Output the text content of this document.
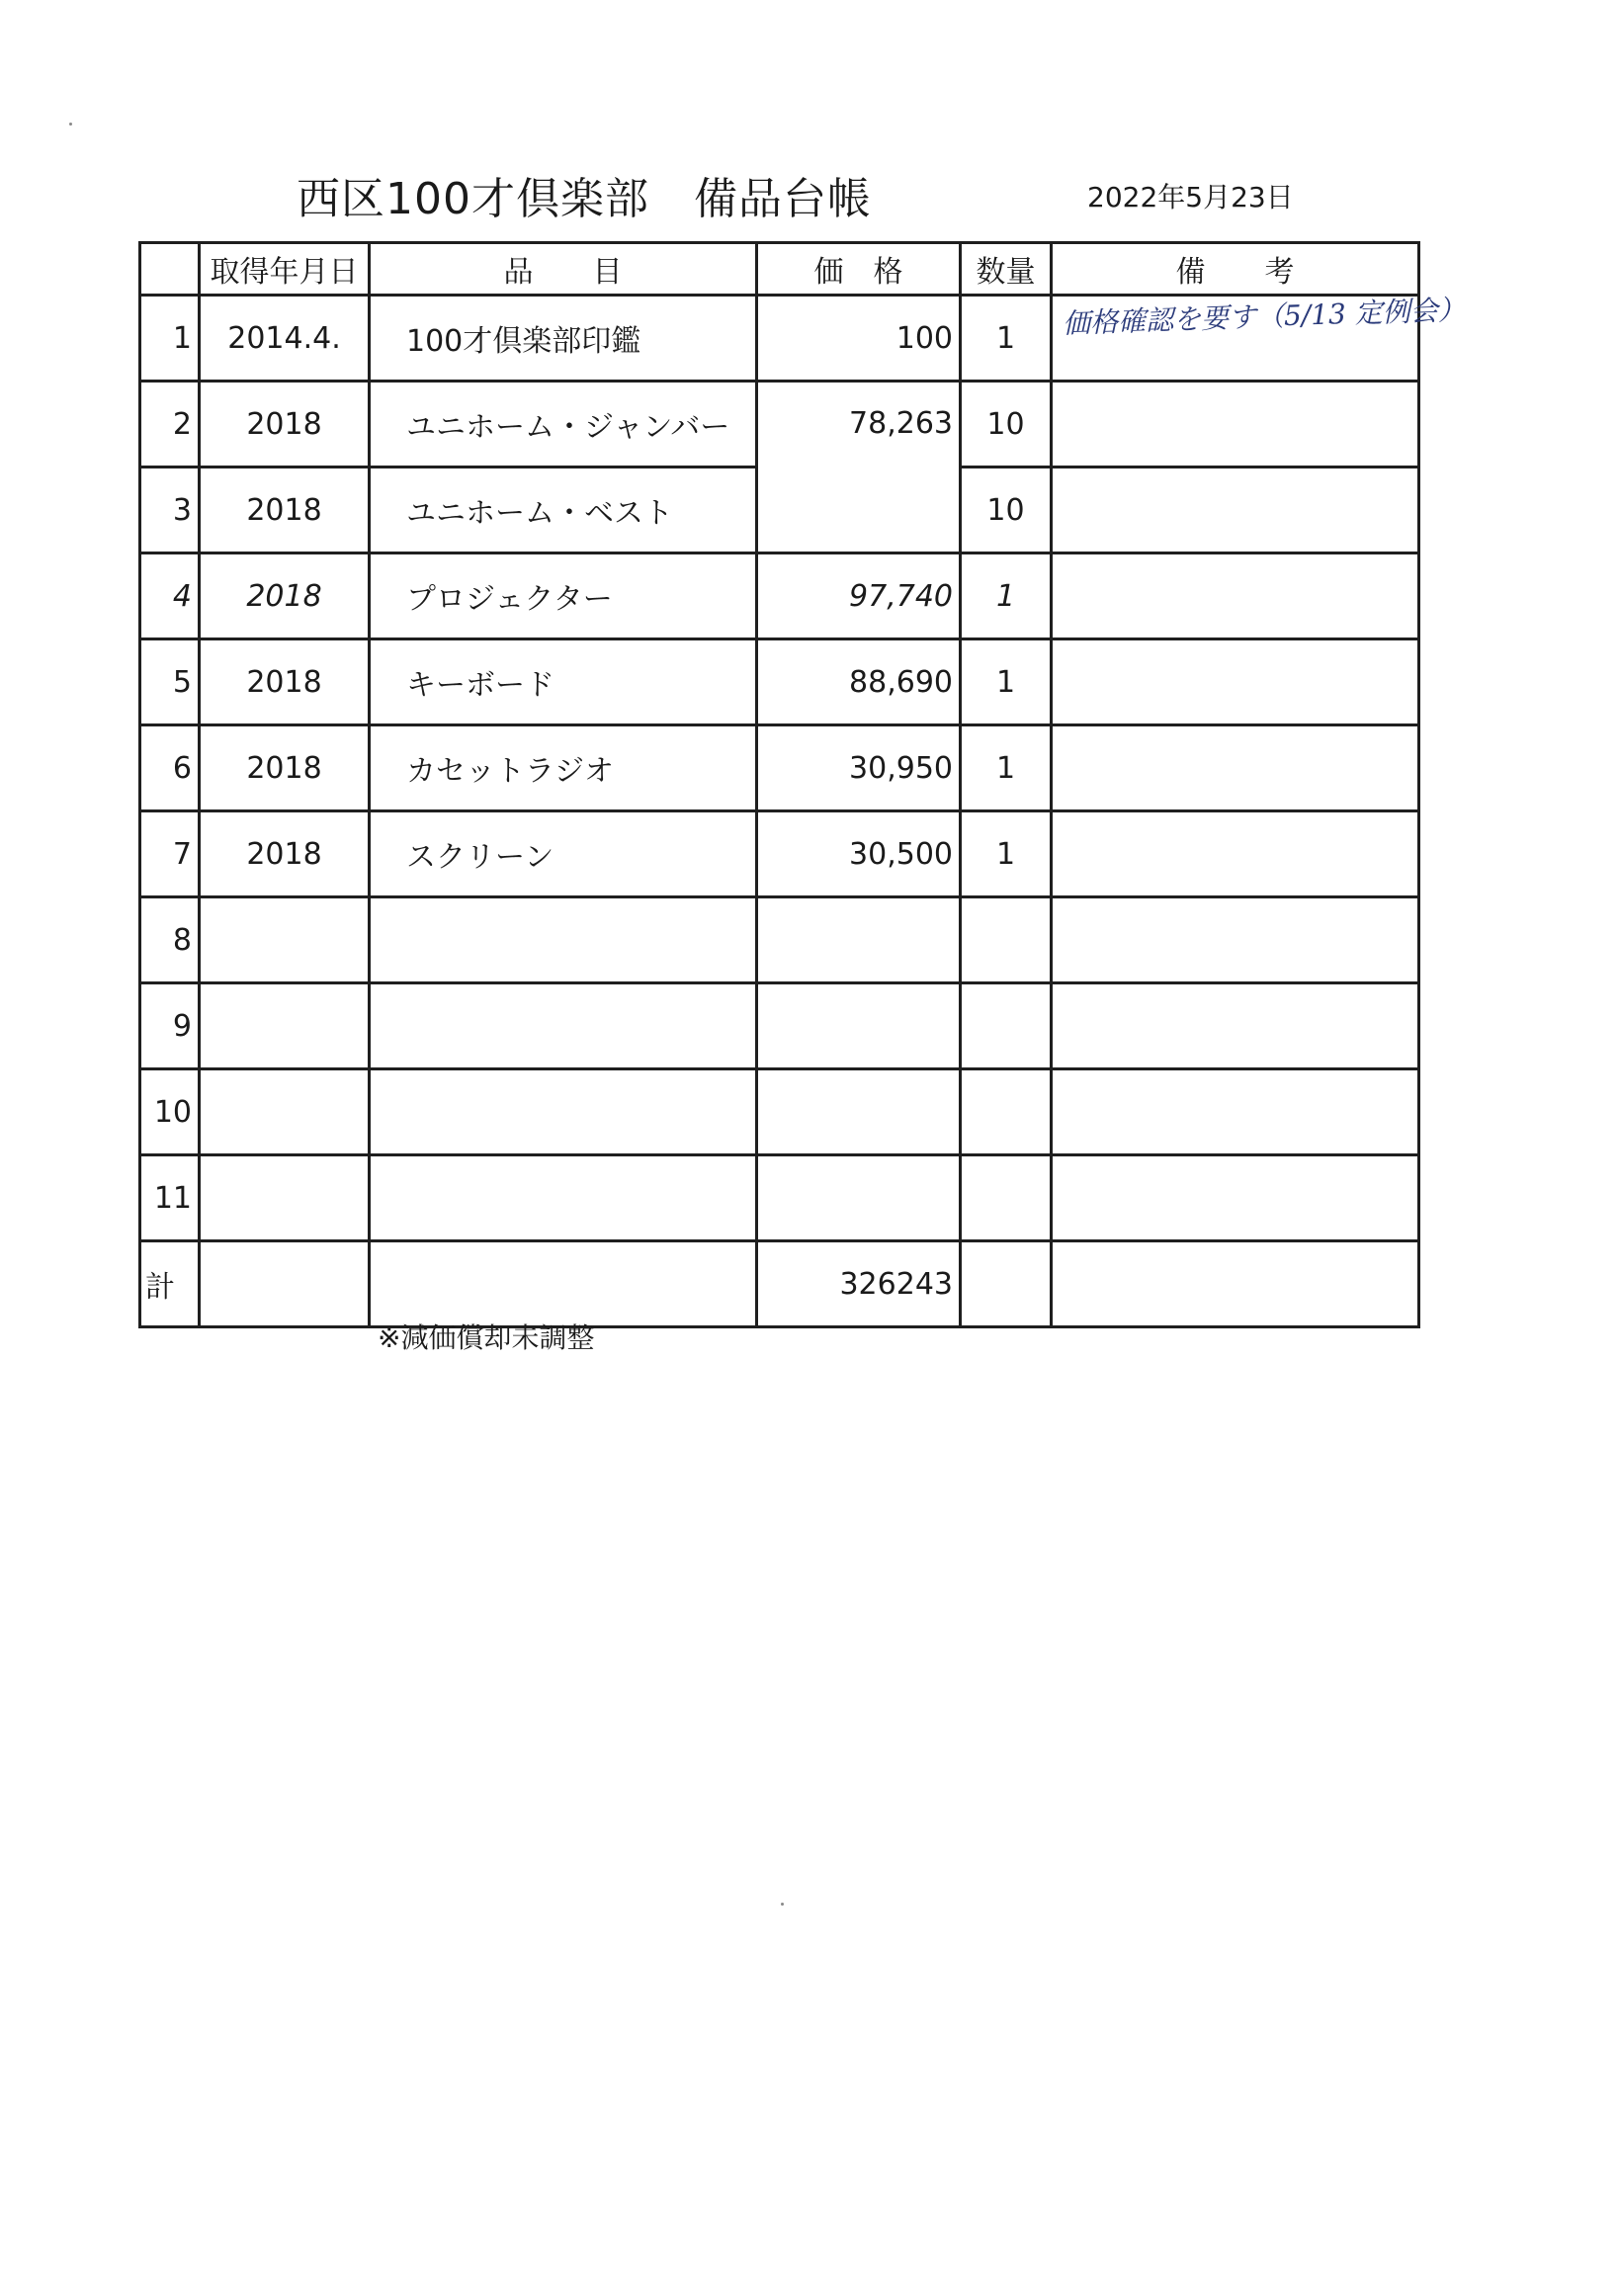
西区100才倶楽部　備品台帳	2022年5月23日
	取得年月日	品　　目	価　格	数量	備　　考
1	2014.4.	100才倶楽部印鑑	100	1	価格確認を要す（5/13 定例会）

2	2018	ユニホーム・ジャンバー	78,263	10	
3	2018	ユニホーム・ベスト		10	
4	2018	プロジェクター	97,740	1	
5	2018	キーボード	88,690	1	
6	2018	カセットラジオ	30,950	1	
7	2018	スクリーン	30,500	1	
8					
9					
10					
11					
計			326243		
※減価償却未調整
